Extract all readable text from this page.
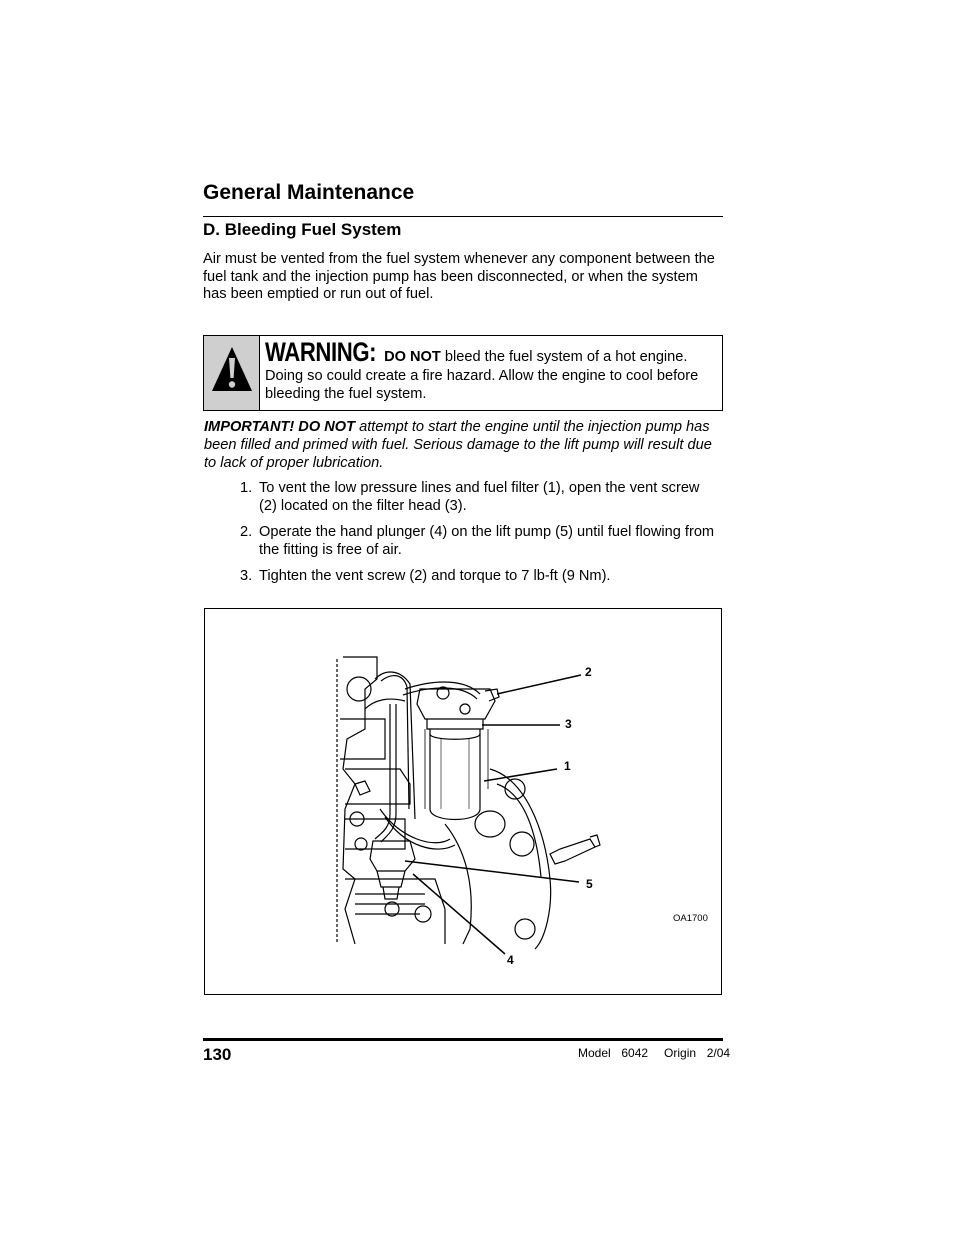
General Maintenance
D. Bleeding Fuel System
Air must be vented from the fuel system whenever any component between the fuel tank and the injection pump has been disconnected, or when the system has been emptied or run out of fuel.
WARNING: DO NOT bleed the fuel system of a hot engine.
Doing so could create a fire hazard. Allow the engine to cool before bleeding the fuel system.
IMPORTANT! DO NOT attempt to start the engine until the injection pump has been filled and primed with fuel. Serious damage to the lift pump will result due to lack of proper lubrication.
1. To vent the low pressure lines and fuel filter (1), open the vent screw (2) located on the filter head (3).
2. Operate the hand plunger (4) on the lift pump (5) until fuel flowing from the fitting is free of air.
3. Tighten the vent screw (2) and torque to 7 lb-ft (9 Nm).
2
3
1
5
4
OA1700
130	Model  6042   Origin  2/04
